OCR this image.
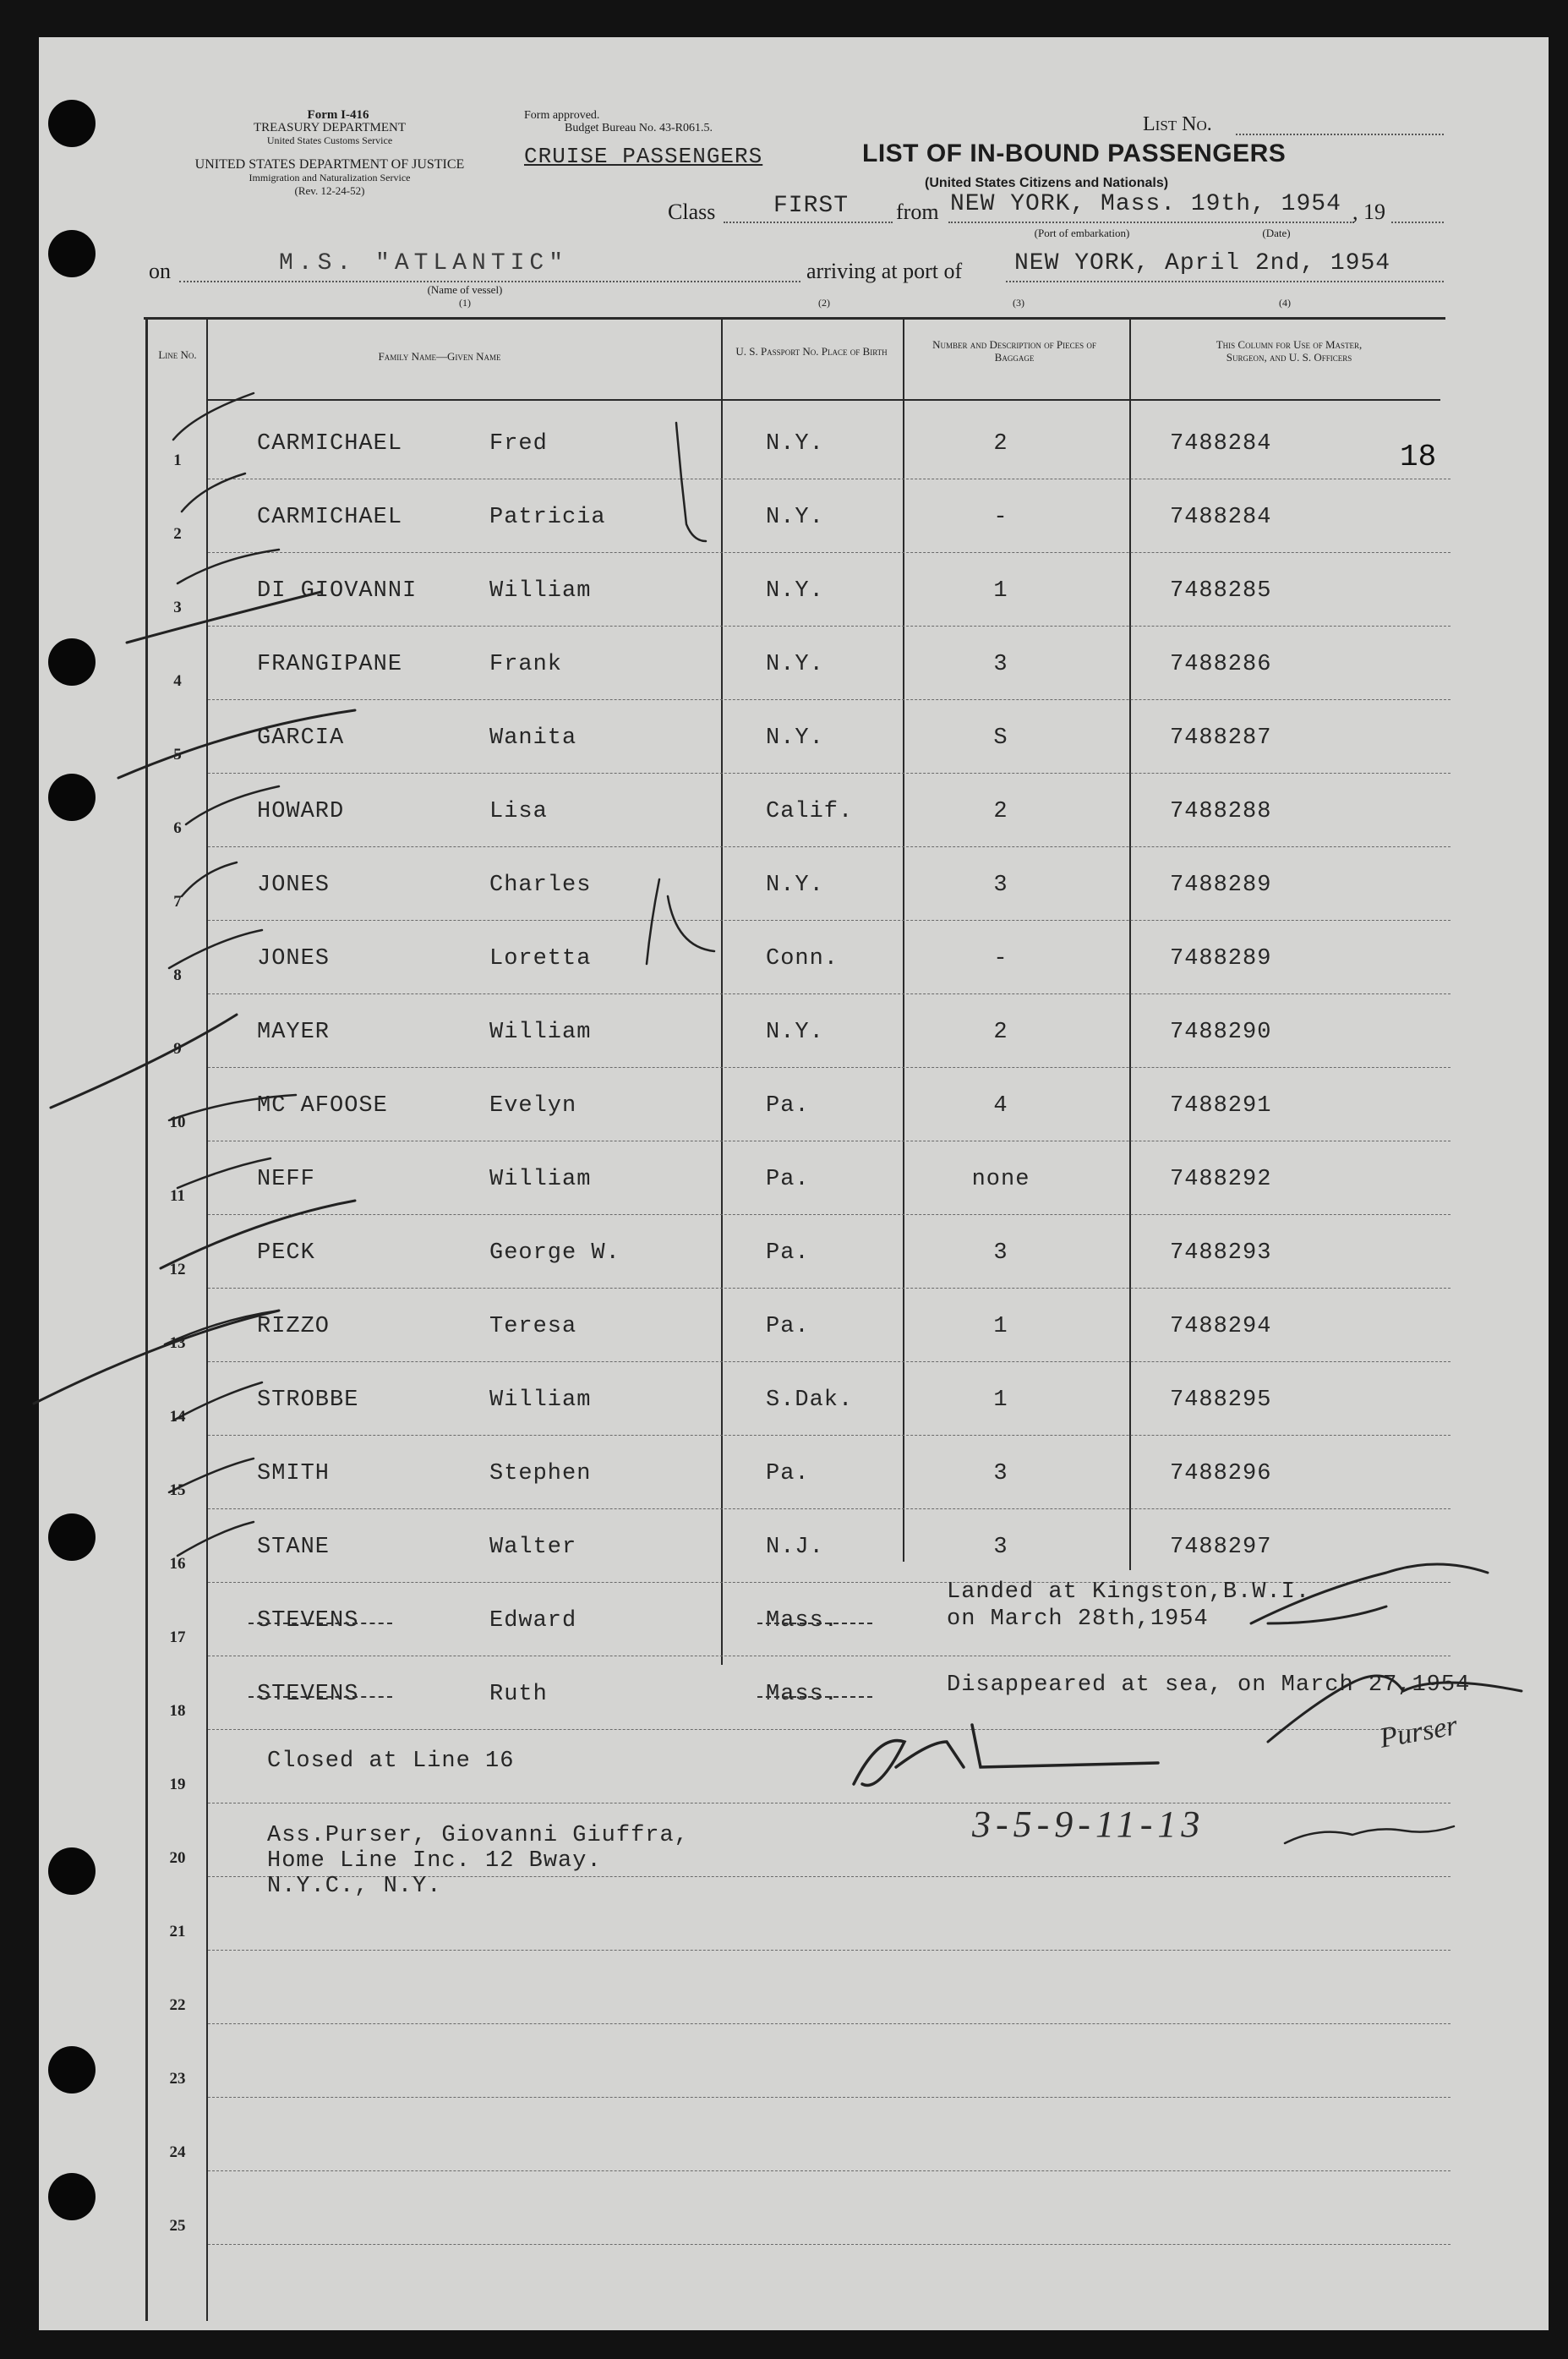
Form I-416
TREASURY DEPARTMENT
United States Customs Service
UNITED STATES DEPARTMENT OF JUSTICE
Immigration and Naturalization Service
(Rev. 12-24-52)
Form approved.
Budget Bureau No. 43-R061.5.
CRUISE PASSENGERS
List No.
LIST OF IN-BOUND PASSENGERS
(United States Citizens and Nationals)
Class FIRST from NEW YORK, Mass. 19th, 1954 , 19
(Port of embarkation)	(Date)
on	M.S. "ATLANTIC"
(Name of vessel)
(1)	(2)	(3)	(4)
arriving at port of NEW YORK, April 2nd, 1954
18
Line No.	Family Name—Given Name	U. S. Passport No. Place of Birth
Number and Description of Pieces of Baggage
This Column for Use of Master, Surgeon, and U. S. Officers
1
CARMICHAEL	Fred	N.Y.	2	7488284
2
CARMICHAEL	Patricia	N.Y.	-	7488284
3
DI GIOVANNI	William	N.Y.	1	7488285
4
FRANGIPANE	Frank	N.Y.	3	7488286
5
GARCIA	Wanita	N.Y.	S	7488287
6
HOWARD	Lisa	Calif.	2	7488288
7
JONES	Charles	N.Y.	3	7488289
8
JONES	Loretta	Conn.	-	7488289
9
MAYER	William	N.Y.	2	7488290
10
MC AFOOSE	Evelyn	Pa.	4	7488291
11
NEFF	William	Pa.	none	7488292
12
PECK	George W.	Pa.	3	7488293
13
RIZZO	Teresa	Pa.	1	7488294
14
STROBBE	William	S.Dak.	1	7488295
15
SMITH	Stephen	Pa.	3	7488296
16
STANE	Walter	N.J.	3	7488297
17
STEVENS	Edward	Mass.
18
STEVENS	Ruth	Mass.
19
20
21
22
23
24
25
Landed at Kingston,B.W.I.
on March 28th,1954
Disappeared at sea, on March 27,1954
Closed at Line 16
Ass.Purser, Giovanni Giuffra,
Home Line Inc. 12 Bway.
N.Y.C., N.Y.
3-5-9-11-13
Purser
